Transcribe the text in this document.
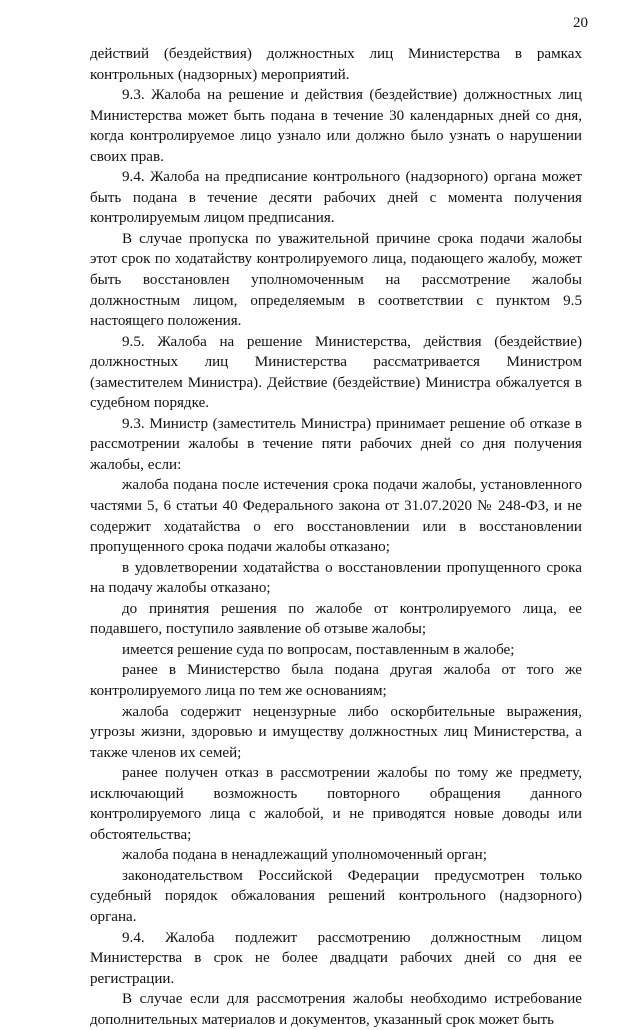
20

действий (бездействия) должностных лиц Министерства в рамках контрольных (надзорных) мероприятий.

9.3. Жалоба на решение и действия (бездействие) должностных лиц Министерства может быть подана в течение 30 календарных дней со дня, когда контролируемое лицо узнало или должно было узнать о нарушении своих прав.

9.4. Жалоба на предписание контрольного (надзорного) органа может быть подана в течение десяти рабочих дней с момента получения контролируемым лицом предписания.

В случае пропуска по уважительной причине срока подачи жалобы этот срок по ходатайству контролируемого лица, подающего жалобу, может быть восстановлен уполномоченным на рассмотрение жалобы должностным лицом, определяемым в соответствии с пунктом 9.5 настоящего положения.

9.5. Жалоба на решение Министерства, действия (бездействие) должностных лиц Министерства рассматривается Министром (заместителем Министра). Действие (бездействие) Министра обжалуется в судебном порядке.

9.3. Министр (заместитель Министра) принимает решение об отказе в рассмотрении жалобы в течение пяти рабочих дней со дня получения жалобы, если:

жалоба подана после истечения срока подачи жалобы, установленного частями 5, 6 статьи 40 Федерального закона от 31.07.2020 № 248-ФЗ, и не содержит ходатайства о его восстановлении или в восстановлении пропущенного срока подачи жалобы отказано;

в удовлетворении ходатайства о восстановлении пропущенного срока на подачу жалобы отказано;

до принятия решения по жалобе от контролируемого лица, ее подавшего, поступило заявление об отзыве жалобы;

имеется решение суда по вопросам, поставленным в жалобе;

ранее в Министерство была подана другая жалоба от того же контролируемого лица по тем же основаниям;

жалоба содержит нецензурные либо оскорбительные выражения, угрозы жизни, здоровью и имуществу должностных лиц Министерства, а также членов их семей;

ранее получен отказ в рассмотрении жалобы по тому же предмету, исключающий возможность повторного обращения данного контролируемого лица с жалобой, и не приводятся новые доводы или обстоятельства;

жалоба подана в ненадлежащий уполномоченный орган;

законодательством Российской Федерации предусмотрен только судебный порядок обжалования решений контрольного (надзорного) органа.

9.4. Жалоба подлежит рассмотрению должностным лицом Министерства в срок не более двадцати рабочих дней со дня ее регистрации.

В случае если для рассмотрения жалобы необходимо истребование дополнительных материалов и документов, указанный срок может быть
